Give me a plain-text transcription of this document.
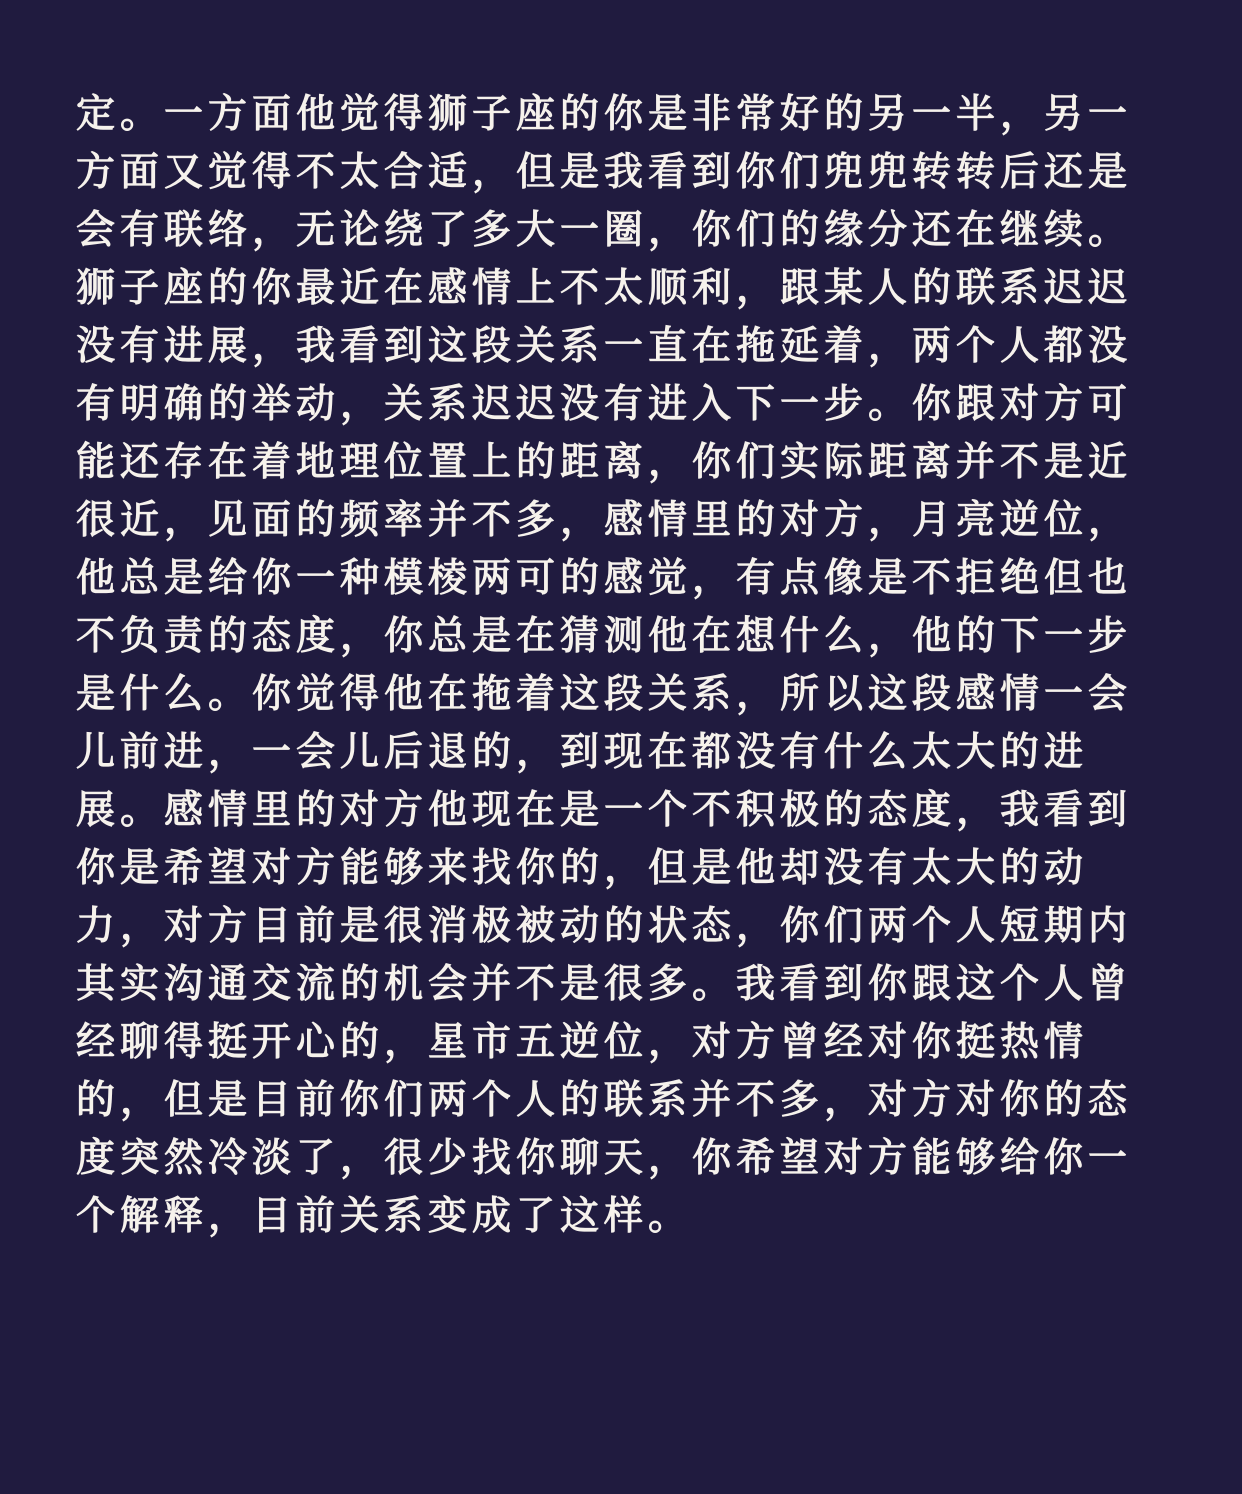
定。一方面他觉得狮子座的你是非常好的另一半，另一
方面又觉得不太合适，但是我看到你们兜兜转转后还是
会有联络，无论绕了多大一圈，你们的缘分还在继续。
狮子座的你最近在感情上不太顺利，跟某人的联系迟迟
没有进展，我看到这段关系一直在拖延着，两个人都没
有明确的举动，关系迟迟没有进入下一步。你跟对方可
能还存在着地理位置上的距离，你们实际距离并不是近
很近，见面的频率并不多，感情里的对方，月亮逆位，
他总是给你一种模棱两可的感觉，有点像是不拒绝但也
不负责的态度，你总是在猜测他在想什么，他的下一步
是什么。你觉得他在拖着这段关系，所以这段感情一会
儿前进，一会儿后退的，到现在都没有什么太大的进
展。感情里的对方他现在是一个不积极的态度，我看到
你是希望对方能够来找你的，但是他却没有太大的动
力，对方目前是很消极被动的状态，你们两个人短期内
其实沟通交流的机会并不是很多。我看到你跟这个人曾
经聊得挺开心的，星市五逆位，对方曾经对你挺热情
的，但是目前你们两个人的联系并不多，对方对你的态
度突然冷淡了，很少找你聊天，你希望对方能够给你一
个解释，目前关系变成了这样。
